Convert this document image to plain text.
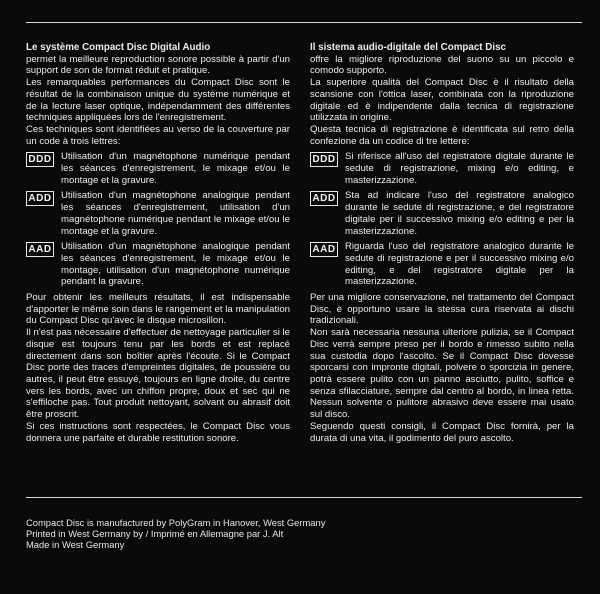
Le système Compact Disc Digital Audio

permet la meilleure reproduction sonore possible à partir d'un support de son de format réduit et pratique.

Les remarquables performances du Compact Disc sont le résultat de la combinaison unique du système numérique et de la lecture laser optique, indépendamment des différentes techniques appliquées lors de l'enregistrement.

Ces techniques sont identifiées au verso de la couverture par un code à trois lettres:

DDD Utilisation d'un magnétophone numérique pendant les séances d'enregistrement, le mixage et/ou le montage et la gravure.
ADD Utilisation d'un magnétophone analogique pendant les séances d'enregistrement, utilisation d'un magnétophone numérique pendant le mixage et/ou le montage et la gravure.
AAD Utilisation d'un magnétophone analogique pendant les séances d'enregistrement, le mixage et/ou le montage, utilisation d'un magnétophone numérique pendant la gravure.

Pour obtenir les meilleurs résultats, il est indispensable d'apporter le même soin dans le rangement et la manipulation du Compact Disc qu'avec le disque microsillon.

Il n'est pas nécessaire d'effectuer de nettoyage particulier si le disque est toujours tenu par les bords et est replacé directement dans son boîtier après l'écoute. Si le Compact Disc porte des traces d'empreintes digitales, de poussière ou autres, il peut être essuyé, toujours en ligne droite, du centre vers les bords, avec un chiffon propre, doux et sec qui ne s'effiloche pas. Tout produit nettoyant, solvant ou abrasif doit être proscrit.

Si ces instructions sont respectées, le Compact Disc vous donnera une parfaite et durable restitution sonore.

Il sistema audio-digitale del Compact Disc

offre la migliore riproduzione del suono su un piccolo e comodo supporto.

La superiore qualità del Compact Disc è il risultato della scansione con l'ottica laser, combinata con la riproduzione digitale ed è indipendente dalla tecnica di registrazione utilizzata in origine.

Questa tecnica di registrazione è identificata sul retro della confezione da un codice di tre lettere:

DDD Si riferisce all'uso del registratore digitale durante le sedute di registrazione, mixing e/o editing, e masterizzazione.
ADD Sta ad indicare l'uso del registratore analogico durante le sedute di registrazione, e del registratore digitale per il successivo mixing e/o editing e per la masterizzazione.
AAD Riguarda l'uso del registratore analogico durante le sedute di registrazione e per il successivo mixing e/o editing, e del registratore digitale per la masterizzazione.

Per una migliore conservazione, nel trattamento del Compact Disc, è opportuno usare la stessa cura riservata ai dischi tradizionali.

Non sarà necessaria nessuna ulteriore pulizia, se il Compact Disc verrà sempre preso per il bordo e rimesso subito nella sua custodia dopo l'ascolto. Se il Compact Disc dovesse sporcarsi con impronte digitali, polvere o sporcizia in genere, potrà essere pulito con un panno asciutto, pulito, soffice e senza sfilacciature, sempre dal centro al bordo, in linea retta. Nessun solvente o pulitore abrasivo deve essere mai usato sul disco.

Seguendo questi consigli, il Compact Disc fornirà, per la durata di una vita, il godimento del puro ascolto.

Compact Disc is manufactured by PolyGram in Hanover, West Germany
Printed in West Germany by / Imprimé en Allemagne par J. Alt
Made in West Germany
